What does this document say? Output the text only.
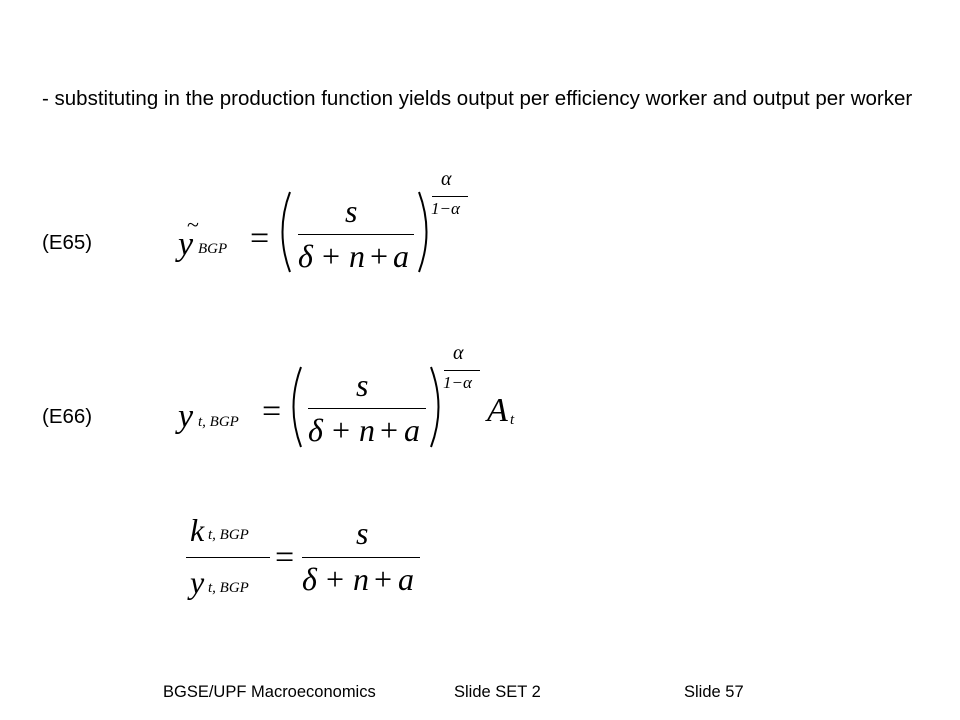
- substituting in the production function yields output per efficiency worker and output per worker
(E65)
(E66)
~
y BGP =
s
δ + n + a
α
1−α
y t, BGP =
s
δ + n + a
α
1−α
A t
k t, BGP
y t, BGP
=
s
δ + n + a
BGSE/UPF Macroeconomics	Slide SET 2	Slide 57
